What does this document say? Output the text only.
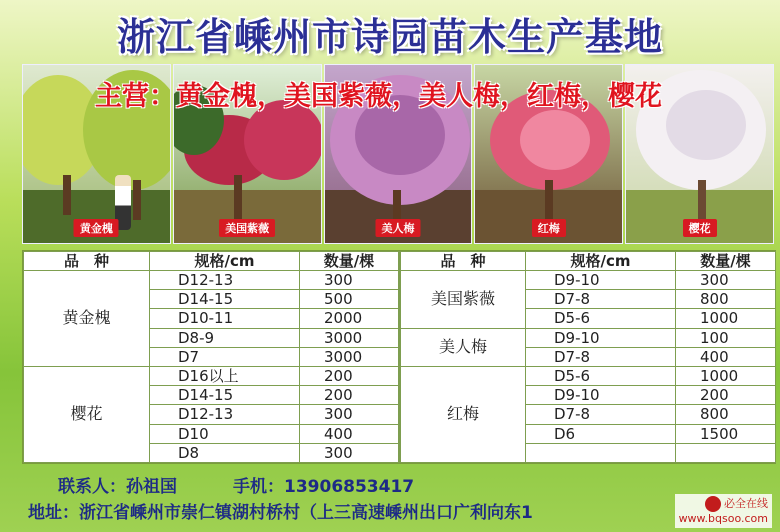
浙江省嵊州市诗园苗木生产基地
黄金槐	美国紫薇	美人梅	红梅	樱花
主营：黄金槐，美国紫薇，美人梅，红梅，樱花
品　种	规格/cm	数量/棵	品　种	规格/cm	数量/棵
黄金槐	D12-13	300	美国紫薇	D9-10	300
	D14-15	500		D7-8	800
	D10-11	2000		D5-6	1000
	D8-9	3000	美人梅	D9-10	100
	D7	3000		D7-8	400
樱花	D16以上	200	红梅	D5-6	1000
	D14-15	200		D9-10	200
	D12-13	300		D7-8	800
	D10	400		D6	1500
	D8	300			
联系人：孙祖国	手机：13906853417
地址：浙江省嵊州市崇仁镇湖村桥村（上三高速嵊州出口广利向东1	必全在线
www.bqsoo.com
